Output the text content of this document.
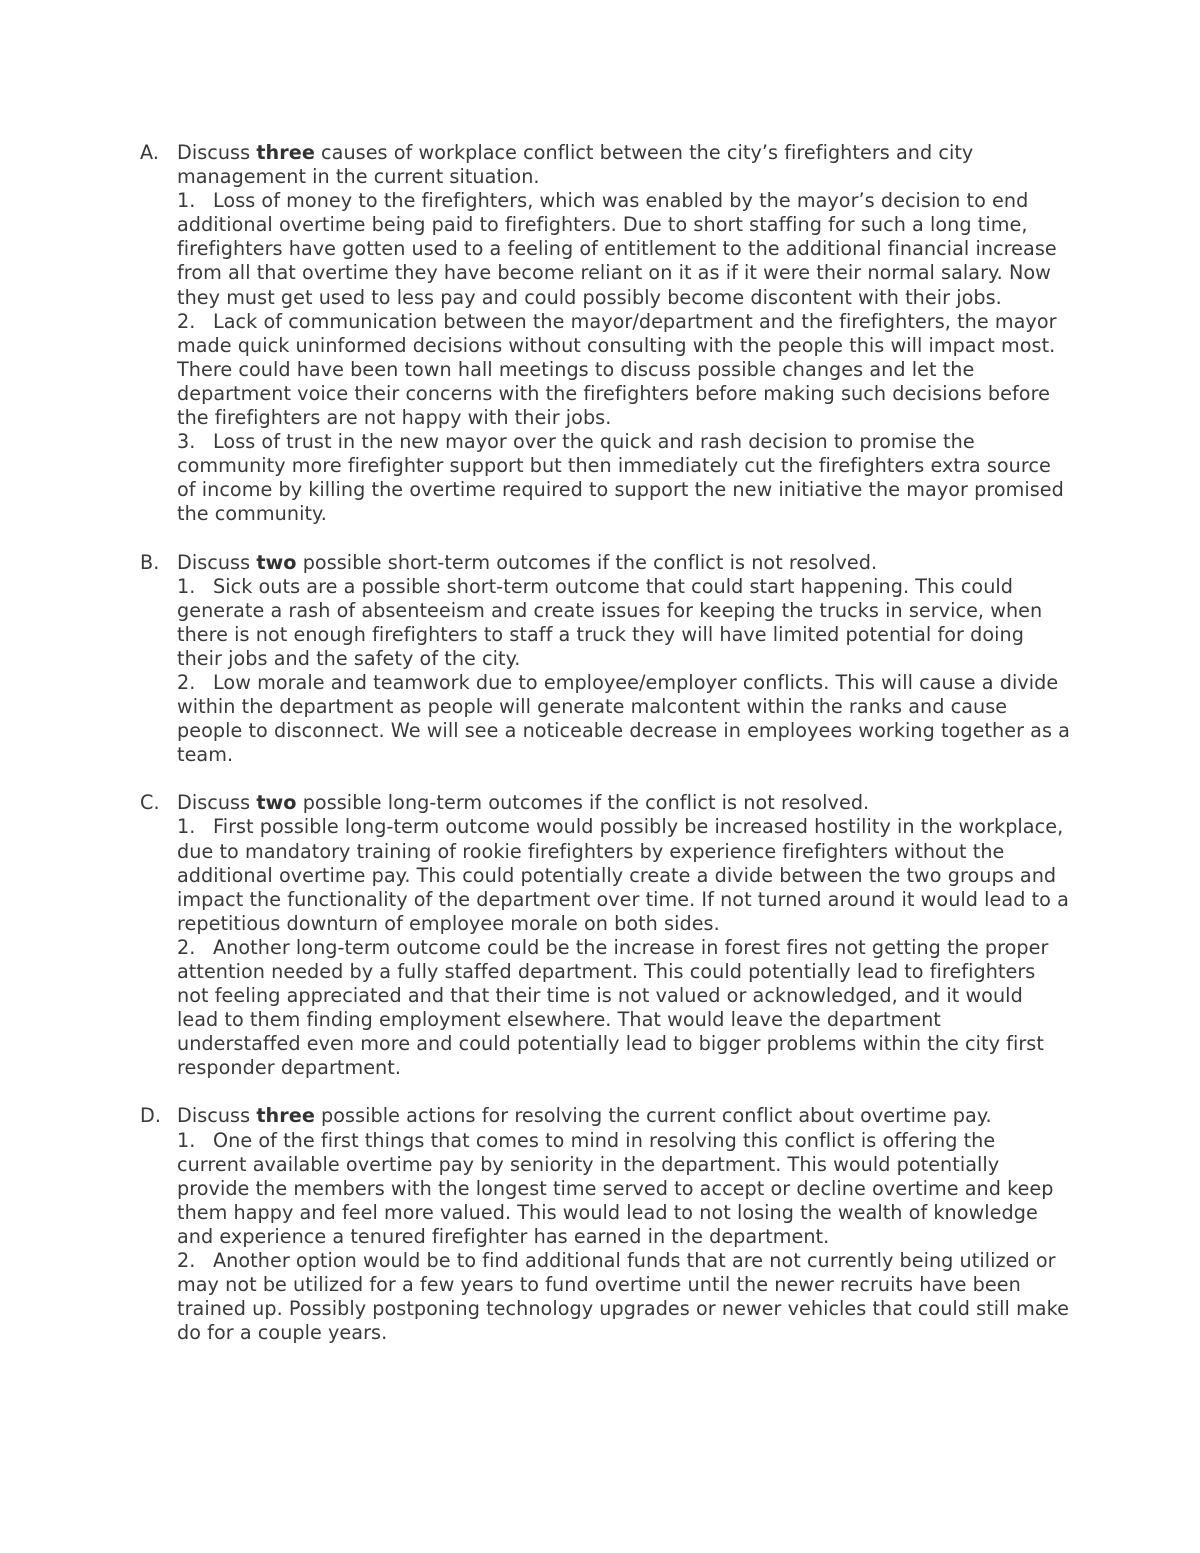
A. Discuss three causes of workplace conflict between the city’s firefighters and city management in the current situation.

1. Loss of money to the firefighters, which was enabled by the mayor’s decision to end additional overtime being paid to firefighters. Due to short staffing for such a long time, firefighters have gotten used to a feeling of entitlement to the additional financial increase from all that overtime they have become reliant on it as if it were their normal salary. Now they must get used to less pay and could possibly become discontent with their jobs.

2. Lack of communication between the mayor/department and the firefighters, the mayor made quick uninformed decisions without consulting with the people this will impact most. There could have been town hall meetings to discuss possible changes and let the department voice their concerns with the firefighters before making such decisions before the firefighters are not happy with their jobs.

3. Loss of trust in the new mayor over the quick and rash decision to promise the community more firefighter support but then immediately cut the firefighters extra source of income by killing the overtime required to support the new initiative the mayor promised the community.

B. Discuss two possible short-term outcomes if the conflict is not resolved.

1. Sick outs are a possible short-term outcome that could start happening. This could generate a rash of absenteeism and create issues for keeping the trucks in service, when there is not enough firefighters to staff a truck they will have limited potential for doing their jobs and the safety of the city.

2. Low morale and teamwork due to employee/employer conflicts. This will cause a divide within the department as people will generate malcontent within the ranks and cause people to disconnect. We will see a noticeable decrease in employees working together as a team.

C. Discuss two possible long-term outcomes if the conflict is not resolved.

1. First possible long-term outcome would possibly be increased hostility in the workplace, due to mandatory training of rookie firefighters by experience firefighters without the additional overtime pay. This could potentially create a divide between the two groups and impact the functionality of the department over time. If not turned around it would lead to a repetitious downturn of employee morale on both sides.

2. Another long-term outcome could be the increase in forest fires not getting the proper attention needed by a fully staffed department. This could potentially lead to firefighters not feeling appreciated and that their time is not valued or acknowledged, and it would lead to them finding employment elsewhere. That would leave the department understaffed even more and could potentially lead to bigger problems within the city first responder department.

D. Discuss three possible actions for resolving the current conflict about overtime pay.

1. One of the first things that comes to mind in resolving this conflict is offering the current available overtime pay by seniority in the department. This would potentially provide the members with the longest time served to accept or decline overtime and keep them happy and feel more valued. This would lead to not losing the wealth of knowledge and experience a tenured firefighter has earned in the department.

2. Another option would be to find additional funds that are not currently being utilized or may not be utilized for a few years to fund overtime until the newer recruits have been trained up. Possibly postponing technology upgrades or newer vehicles that could still make do for a couple years.
